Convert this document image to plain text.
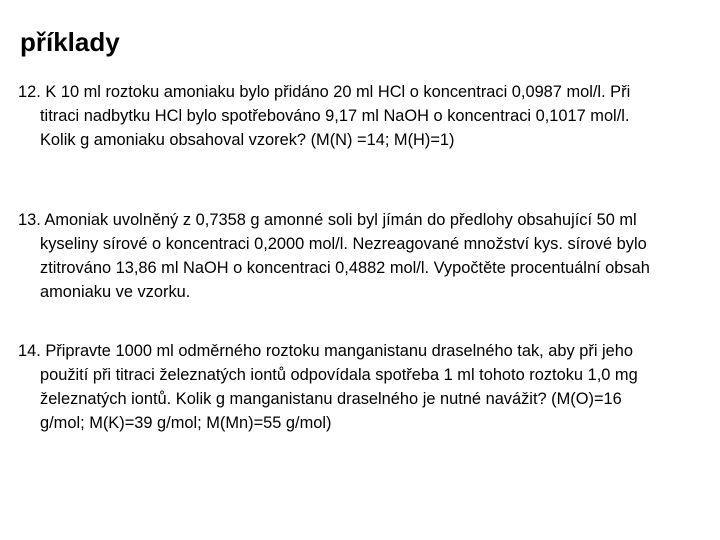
příklady
12. K 10 ml roztoku amoniaku bylo přidáno 20 ml HCl o koncentraci 0,0987 mol/l. Při
titraci nadbytku HCl bylo spotřebováno 9,17 ml NaOH o koncentraci 0,1017 mol/l.
Kolik g amoniaku obsahoval vzorek? (M(N) =14; M(H)=1)
13. Amoniak uvolněný z 0,7358 g amonné soli byl jímán do předlohy obsahující 50 ml
kyseliny sírové o koncentraci 0,2000 mol/l. Nezreagované množství kys. sírové bylo
ztitrováno 13,86 ml NaOH o koncentraci 0,4882 mol/l. Vypočtěte procentuální obsah
amoniaku ve vzorku.
14. Připravte 1000 ml odměrného roztoku manganistanu draselného tak, aby při jeho
použití při titraci železnatých iontů odpovídala spotřeba 1 ml tohoto roztoku 1,0 mg
železnatých iontů. Kolik g manganistanu draselného je nutné navážit? (M(O)=16
g/mol; M(K)=39 g/mol; M(Mn)=55 g/mol)
